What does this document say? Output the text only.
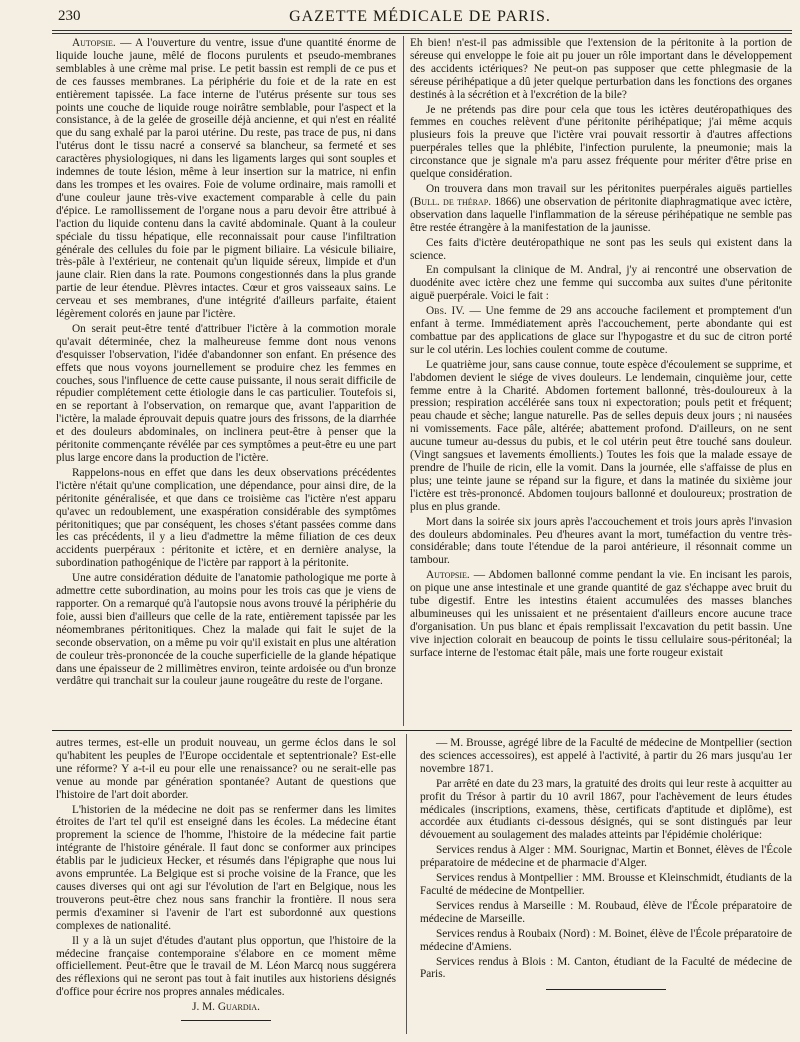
230	GAZETTE MÉDICALE DE PARIS.

Autopsie. — A l'ouverture du ventre, issue d'une quantité énorme de liquide louche jaune, mêlé de flocons purulents et pseudo-membranes semblables à une crème mal prise. Le petit bassin est rempli de ce pus et de ces fausses membranes. La périphérie du foie et de la rate en est entièrement tapissée. La face interne de l'utérus présente sur tous ses points une couche de liquide rouge noirâtre semblable, pour l'aspect et la consistance, à de la gelée de groseille déjà ancienne, et qui n'est en réalité que du sang exhalé par la paroi utérine. Du reste, pas trace de pus, ni dans l'utérus dont le tissu nacré a conservé sa blancheur, sa fermeté et ses caractères physiologiques, ni dans les ligaments larges qui sont souples et indemnes de toute lésion, même à leur insertion sur la matrice, ni enfin dans les trompes et les ovaires. Foie de volume ordinaire, mais ramolli et d'une couleur jaune très-vive exactement comparable à celle du pain d'épice. Le ramollissement de l'organe nous a paru devoir être attribué à l'action du liquide contenu dans la cavité abdominale. Quant à la couleur spéciale du tissu hépatique, elle reconnaissait pour cause l'infiltration générale des cellules du foie par le pigment biliaire. La vésicule biliaire, très-pâle à l'extérieur, ne contenait qu'un liquide séreux, limpide et d'un jaune clair. Rien dans la rate. Poumons congestionnés dans la plus grande partie de leur étendue. Plèvres intactes. Cœur et gros vaisseaux sains. Le cerveau et ses membranes, d'une intégrité d'ailleurs parfaite, étaient légèrement colorés en jaune par l'ictère.

On serait peut-être tenté d'attribuer l'ictère à la commotion morale qu'avait déterminée, chez la malheureuse femme dont nous venons d'esquisser l'observation, l'idée d'abandonner son enfant. En présence des effets que nous voyons journellement se produire chez les femmes en couches, sous l'influence de cette cause puissante, il nous serait difficile de répudier complétement cette étiologie dans le cas particulier. Toutefois si, en se reportant à l'observation, on remarque que, avant l'apparition de l'ictère, la malade éprouvait depuis quatre jours des frissons, de la diarrhée et des douleurs abdominales, on inclinera peut-être à penser que la péritonite commençante révélée par ces symptômes a peut-être eu une part plus large encore dans la production de l'ictère.

Rappelons-nous en effet que dans les deux observations précédentes l'ictère n'était qu'une complication, une dépendance, pour ainsi dire, de la péritonite généralisée, et que dans ce troisième cas l'ictère n'est apparu qu'avec un redoublement, une exaspération considérable des symptômes péritonitiques; que par conséquent, les choses s'étant passées comme dans les cas précédents, il y a lieu d'admettre la même filiation de ces deux accidents puerpéraux : péritonite et ictère, et en dernière analyse, la subordination pathogénique de l'ictère par rapport à la péritonite.

Une autre considération déduite de l'anatomie pathologique me porte à admettre cette subordination, au moins pour les trois cas que je viens de rapporter. On a remarqué qu'à l'autopsie nous avons trouvé la périphérie du foie, aussi bien d'ailleurs que celle de la rate, entièrement tapissée par les néomembranes péritonitiques. Chez la malade qui fait le sujet de la seconde observation, on a même pu voir qu'il existait en plus une altération de couleur très-prononcée de la couche superficielle de la glande hépatique dans une épaisseur de 2 millimètres environ, teinte ardoisée ou d'un bronze verdâtre qui tranchait sur la couleur jaune rougeâtre du reste de l'organe.

Eh bien! n'est-il pas admissible que l'extension de la péritonite à la portion de séreuse qui enveloppe le foie ait pu jouer un rôle important dans le développement des accidents ictériques? Ne peut-on pas supposer que cette phlegmasie de la séreuse périhépatique a dû jeter quelque perturbation dans les fonctions des organes destinés à la sécrétion et à l'excrétion de la bile?

Je ne prétends pas dire pour cela que tous les ictères deutéropathiques des femmes en couches relèvent d'une péritonite périhépatique; j'ai même acquis plusieurs fois la preuve que l'ictère vrai pouvait ressortir à d'autres affections puerpérales telles que la phlébite, l'infection purulente, la pneumonie; mais la circonstance que je signale m'a paru assez fréquente pour mériter d'être prise en quelque considération.

On trouvera dans mon travail sur les péritonites puerpérales aiguës partielles (Bull. de thérap. 1866) une observation de péritonite diaphragmatique avec ictère, observation dans laquelle l'inflammation de la séreuse périhépatique ne semble pas être restée étrangère à la manifestation de la jaunisse.

Ces faits d'ictère deutéropathique ne sont pas les seuls qui existent dans la science.

En compulsant la clinique de M. Andral, j'y ai rencontré une observation de duodénite avec ictère chez une femme qui succomba aux suites d'une péritonite aiguë puerpérale. Voici le fait :

Obs. IV. — Une femme de 29 ans accouche facilement et promptement d'un enfant à terme. Immédiatement après l'accouchement, perte abondante qui est combattue par des applications de glace sur l'hypogastre et du suc de citron porté sur le col utérin. Les lochies coulent comme de coutume.

Le quatrième jour, sans cause connue, toute espèce d'écoulement se supprime, et l'abdomen devient le siége de vives douleurs. Le lendemain, cinquième jour, cette femme entre à la Charité. Abdomen fortement ballonné, très-douloureux à la pression; respiration accélérée sans toux ni expectoration; pouls petit et fréquent; peau chaude et sèche; langue naturelle. Pas de selles depuis deux jours ; ni nausées ni vomissements. Face pâle, altérée; abattement profond. D'ailleurs, on ne sent aucune tumeur au-dessus du pubis, et le col utérin peut être touché sans douleur. (Vingt sangsues et lavements émollients.) Toutes les fois que la malade essaye de prendre de l'huile de ricin, elle la vomit. Dans la journée, elle s'affaisse de plus en plus; une teinte jaune se répand sur la figure, et dans la matinée du sixième jour l'ictère est très-prononcé. Abdomen toujours ballonné et douloureux; prostration de plus en plus grande.

Mort dans la soirée six jours après l'accouchement et trois jours après l'invasion des douleurs abdominales. Peu d'heures avant la mort, tuméfaction du ventre très-considérable; dans toute l'étendue de la paroi antérieure, il résonnait comme un tambour.

Autopsie. — Abdomen ballonné comme pendant la vie. En incisant les parois, on pique une anse intestinale et une grande quantité de gaz s'échappe avec bruit du tube digestif. Entre les intestins étaient accumulées des masses blanches albumineuses qui les unissaient et ne présentaient d'ailleurs encore aucune trace d'organisation. Un pus blanc et épais remplissait l'excavation du petit bassin. Une vive injection colorait en beaucoup de points le tissu cellulaire sous-péritonéal; la surface interne de l'estomac était pâle, mais une forte rougeur existait

autres termes, est-elle un produit nouveau, un germe éclos dans le sol qu'habitent les peuples de l'Europe occidentale et septentrionale? Est-elle une réforme? Y a-t-il eu pour elle une renaissance? ou ne serait-elle pas venue au monde par génération spontanée? Autant de questions que l'histoire de l'art doit aborder.

L'historien de la médecine ne doit pas se renfermer dans les limites étroites de l'art tel qu'il est enseigné dans les écoles. La médecine étant proprement la science de l'homme, l'histoire de la médecine fait partie intégrante de l'histoire générale. Il faut donc se conformer aux principes établis par le judicieux Hecker, et résumés dans l'épigraphe que nous lui avons empruntée. La Belgique est si proche voisine de la France, que les causes diverses qui ont agi sur l'évolution de l'art en Belgique, nous les trouverons peut-être chez nous sans franchir la frontière. Il nous sera permis d'examiner si l'avenir de l'art est subordonné aux questions complexes de nationalité.

Il y a là un sujet d'études d'autant plus opportun, que l'histoire de la médecine française contemporaine s'élabore en ce moment même officiellement. Peut-être que le travail de M. Léon Marcq nous suggérera des réflexions qui ne seront pas tout à fait inutiles aux historiens désignés d'office pour écrire nos propres annales médicales.

J. M. Guardia.

— M. Brousse, agrégé libre de la Faculté de médecine de Montpellier (section des sciences accessoires), est appelé à l'activité, à partir du 26 mars jusqu'au 1er novembre 1871.

Par arrêté en date du 23 mars, la gratuité des droits qui leur reste à acquitter au profit du Trésor à partir du 10 avril 1867, pour l'achèvement de leurs études médicales (inscriptions, examens, thèse, certificats d'aptitude et diplôme), est accordée aux étudiants ci-dessous désignés, qui se sont distingués par leur dévouement au soulagement des malades atteints par l'épidémie cholérique:

Services rendus à Alger : MM. Sourignac, Martin et Bonnet, élèves de l'École préparatoire de médecine et de pharmacie d'Alger.

Services rendus à Montpellier : MM. Brousse et Kleinschmidt, étudiants de la Faculté de médecine de Montpellier.

Services rendus à Marseille : M. Roubaud, élève de l'École préparatoire de médecine de Marseille.

Services rendus à Roubaix (Nord) : M. Boinet, élève de l'École préparatoire de médecine d'Amiens.

Services rendus à Blois : M. Canton, étudiant de la Faculté de médecine de Paris.
